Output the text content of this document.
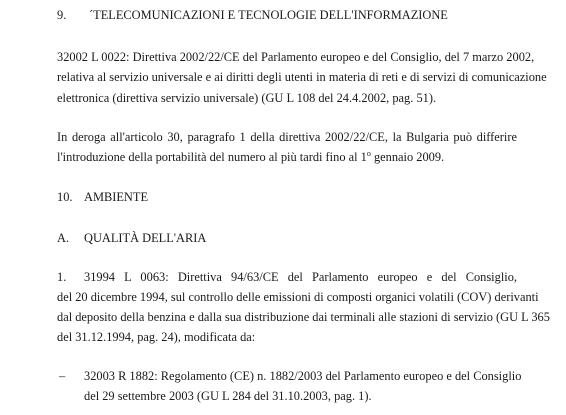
9. ´TELECOMUNICAZIONI E TECNOLOGIE DELL'INFORMAZIONE
32002 L 0022: Direttiva 2002/22/CE del Parlamento europeo e del Consiglio, del 7 marzo 2002,
relativa al servizio universale e ai diritti degli utenti in materia di reti e di servizi di comunicazione
elettronica (direttiva servizio universale) (GU L 108 del 24.4.2002, pag. 51).
In deroga all'articolo 30, paragrafo 1 della direttiva 2002/22/CE, la Bulgaria può differire
l'introduzione della portabilità del numero al più tardi fino al 1$^o$ gennaio 2009.
10. AMBIENTE
A. QUALITÀ DELL'ARIA
1. 31994 L 0063: Direttiva 94/63/CE del Parlamento europeo e del Consiglio,
del 20 dicembre 1994, sul controllo delle emissioni di composti organici volatili (COV) derivanti
dal deposito della benzina e dalla sua distribuzione dai terminali alle stazioni di servizio (GU L 365
del 31.12.1994, pag. 24), modificata da:
– 32003 R 1882: Regolamento (CE) n. 1882/2003 del Parlamento europeo e del Consiglio
del 29 settembre 2003 (GU L 284 del 31.10.2003, pag. 1).
